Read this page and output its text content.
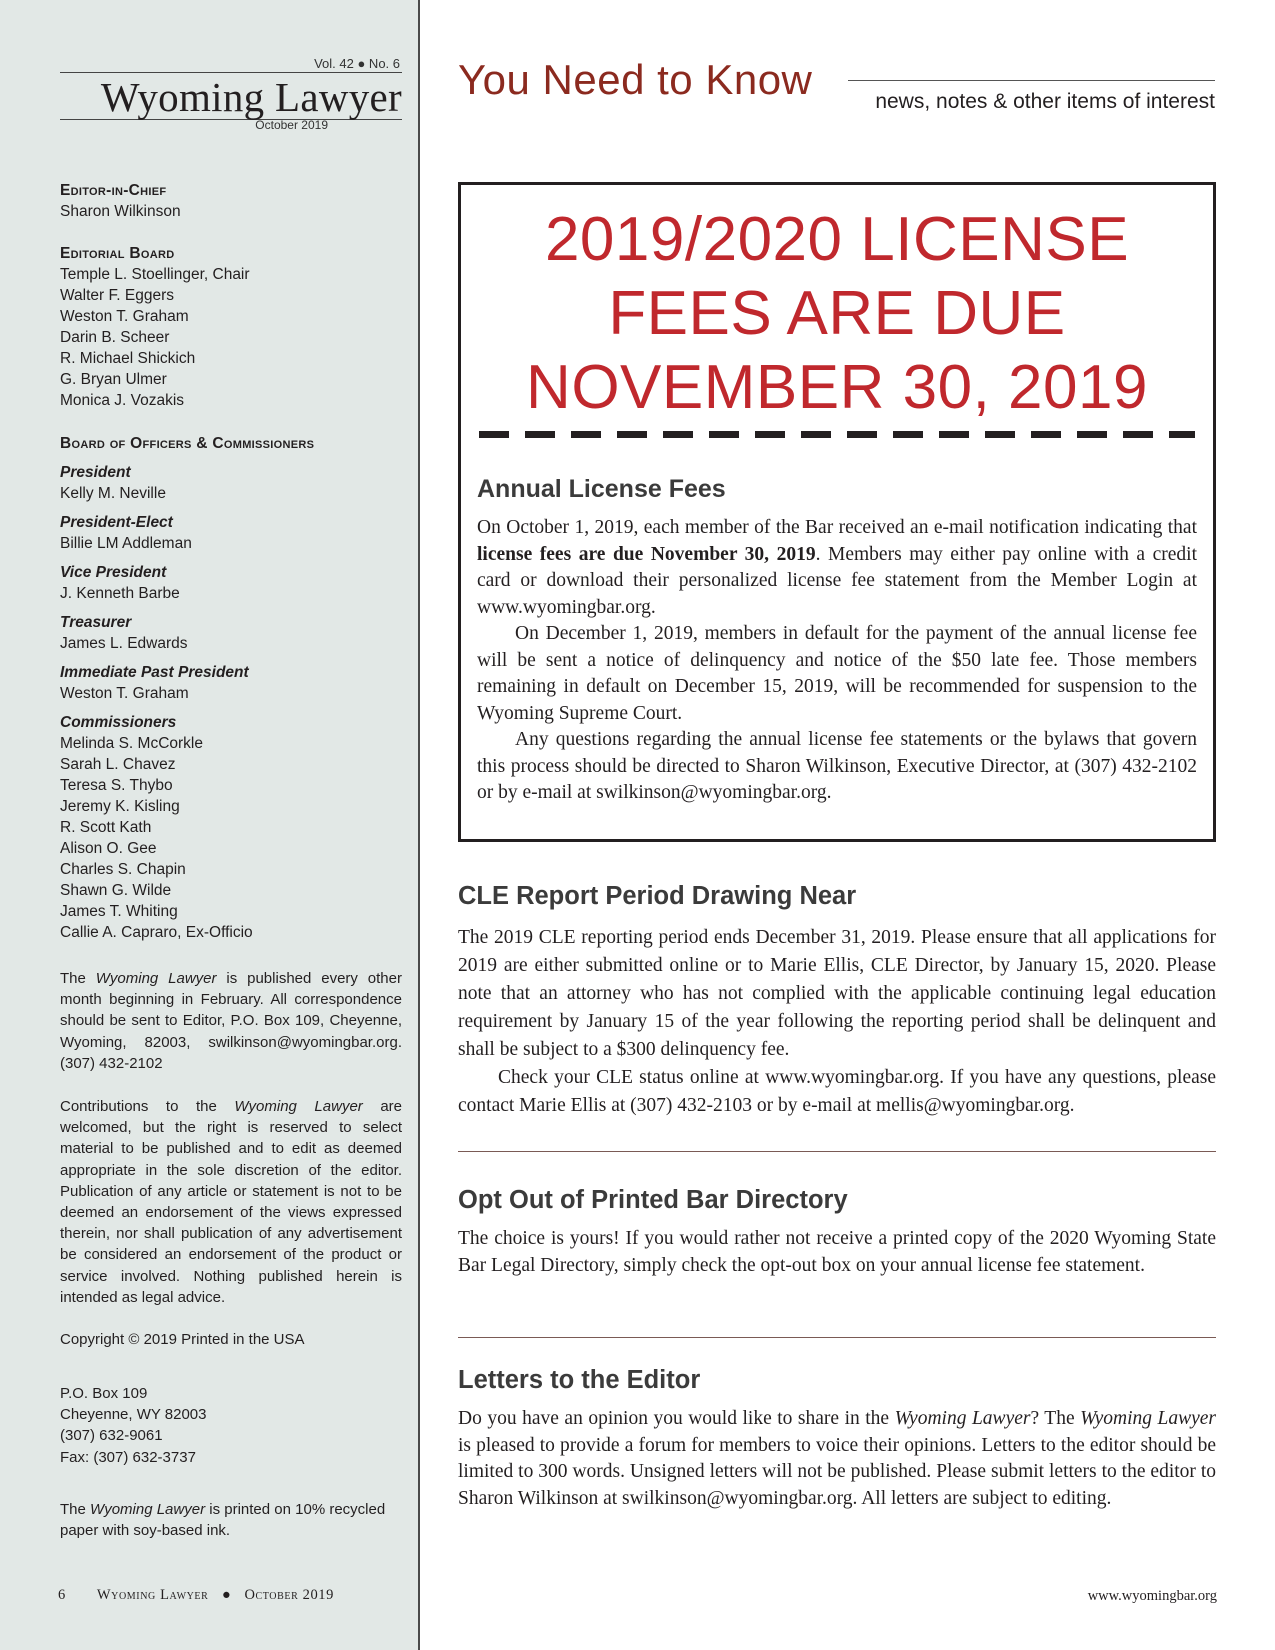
Vol. 42 ● No. 6
Wyoming Lawyer
October 2019
Editor-in-Chief
Sharon Wilkinson
Editorial Board
Temple L. Stoellinger, Chair
Walter F. Eggers
Weston T. Graham
Darin B. Scheer
R. Michael Shickich
G. Bryan Ulmer
Monica J. Vozakis
Board of Officers & Commissioners
President
Kelly M. Neville
President-Elect
Billie LM Addleman
Vice President
J. Kenneth Barbe
Treasurer
James L. Edwards
Immediate Past President
Weston T. Graham
Commissioners
Melinda S. McCorkle
Sarah L. Chavez
Teresa S. Thybo
Jeremy K. Kisling
R. Scott Kath
Alison O. Gee
Charles S. Chapin
Shawn G. Wilde
James T. Whiting
Callie A. Capraro, Ex-Officio
The Wyoming Lawyer is published every other month beginning in February. All correspondence should be sent to Editor, P.O. Box 109, Cheyenne, Wyoming, 82003, swilkinson@wyomingbar.org. (307) 432-2102
Contributions to the Wyoming Lawyer are welcomed, but the right is reserved to select material to be published and to edit as deemed appropriate in the sole discretion of the editor. Publication of any article or statement is not to be deemed an endorsement of the views expressed therein, nor shall publication of any advertisement be considered an endorsement of the product or service involved. Nothing published herein is intended as legal advice.
Copyright © 2019 Printed in the USA
P.O. Box 109
Cheyenne, WY 82003
(307) 632-9061
Fax: (307) 632-3737
The Wyoming Lawyer is printed on 10% recycled paper with soy-based ink.
6 Wyoming Lawyer ● October 2019
You Need to Know	news, notes & other items of interest
2019/2020 LICENSE
FEES ARE DUE
NOVEMBER 30, 2019
Annual License Fees

On October 1, 2019, each member of the Bar received an e-mail notification indicating that license fees are due November 30, 2019. Members may either pay online with a credit card or download their personalized license fee statement from the Member Login at www.wyomingbar.org.

On December 1, 2019, members in default for the payment of the annual license fee will be sent a notice of delinquency and notice of the $50 late fee. Those members remaining in default on December 15, 2019, will be recommended for suspension to the Wyoming Supreme Court.

Any questions regarding the annual license fee statements or the bylaws that govern this process should be directed to Sharon Wilkinson, Executive Director, at (307) 432-2102 or by e-mail at swilkinson@wyomingbar.org.

CLE Report Period Drawing Near

The 2019 CLE reporting period ends December 31, 2019. Please ensure that all applications for 2019 are either submitted online or to Marie Ellis, CLE Director, by January 15, 2020. Please note that an attorney who has not complied with the applicable continuing legal education requirement by January 15 of the year following the reporting period shall be delinquent and shall be subject to a $300 delinquency fee.

Check your CLE status online at www.wyomingbar.org. If you have any questions, please contact Marie Ellis at (307) 432-2103 or by e-mail at mellis@wyomingbar.org.

Opt Out of Printed Bar Directory

The choice is yours! If you would rather not receive a printed copy of the 2020 Wyoming State Bar Legal Directory, simply check the opt-out box on your annual license fee statement.

Letters to the Editor

Do you have an opinion you would like to share in the Wyoming Lawyer? The Wyoming Lawyer is pleased to provide a forum for members to voice their opinions. Letters to the editor should be limited to 300 words. Unsigned letters will not be published. Please submit letters to the editor to Sharon Wilkinson at swilkinson@wyomingbar.org. All letters are subject to editing.

www.wyomingbar.org
